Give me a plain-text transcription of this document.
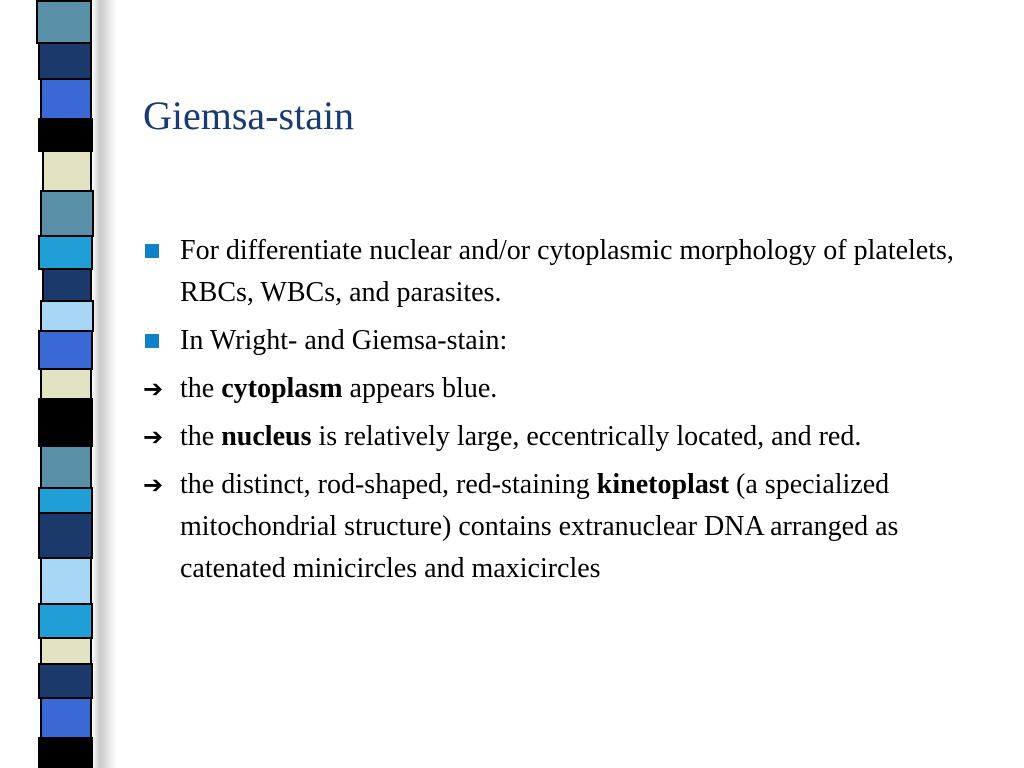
Giemsa-stain
For differentiate nuclear and/or cytoplasmic morphology of platelets, RBCs, WBCs, and parasites.
In Wright- and Giemsa-stain:
➔ the cytoplasm appears blue.
➔ the nucleus is relatively large, eccentrically located, and red.
➔ the distinct, rod-shaped, red-staining kinetoplast (a specialized mitochondrial structure) contains extranuclear DNA arranged as catenated minicircles and maxicircles
